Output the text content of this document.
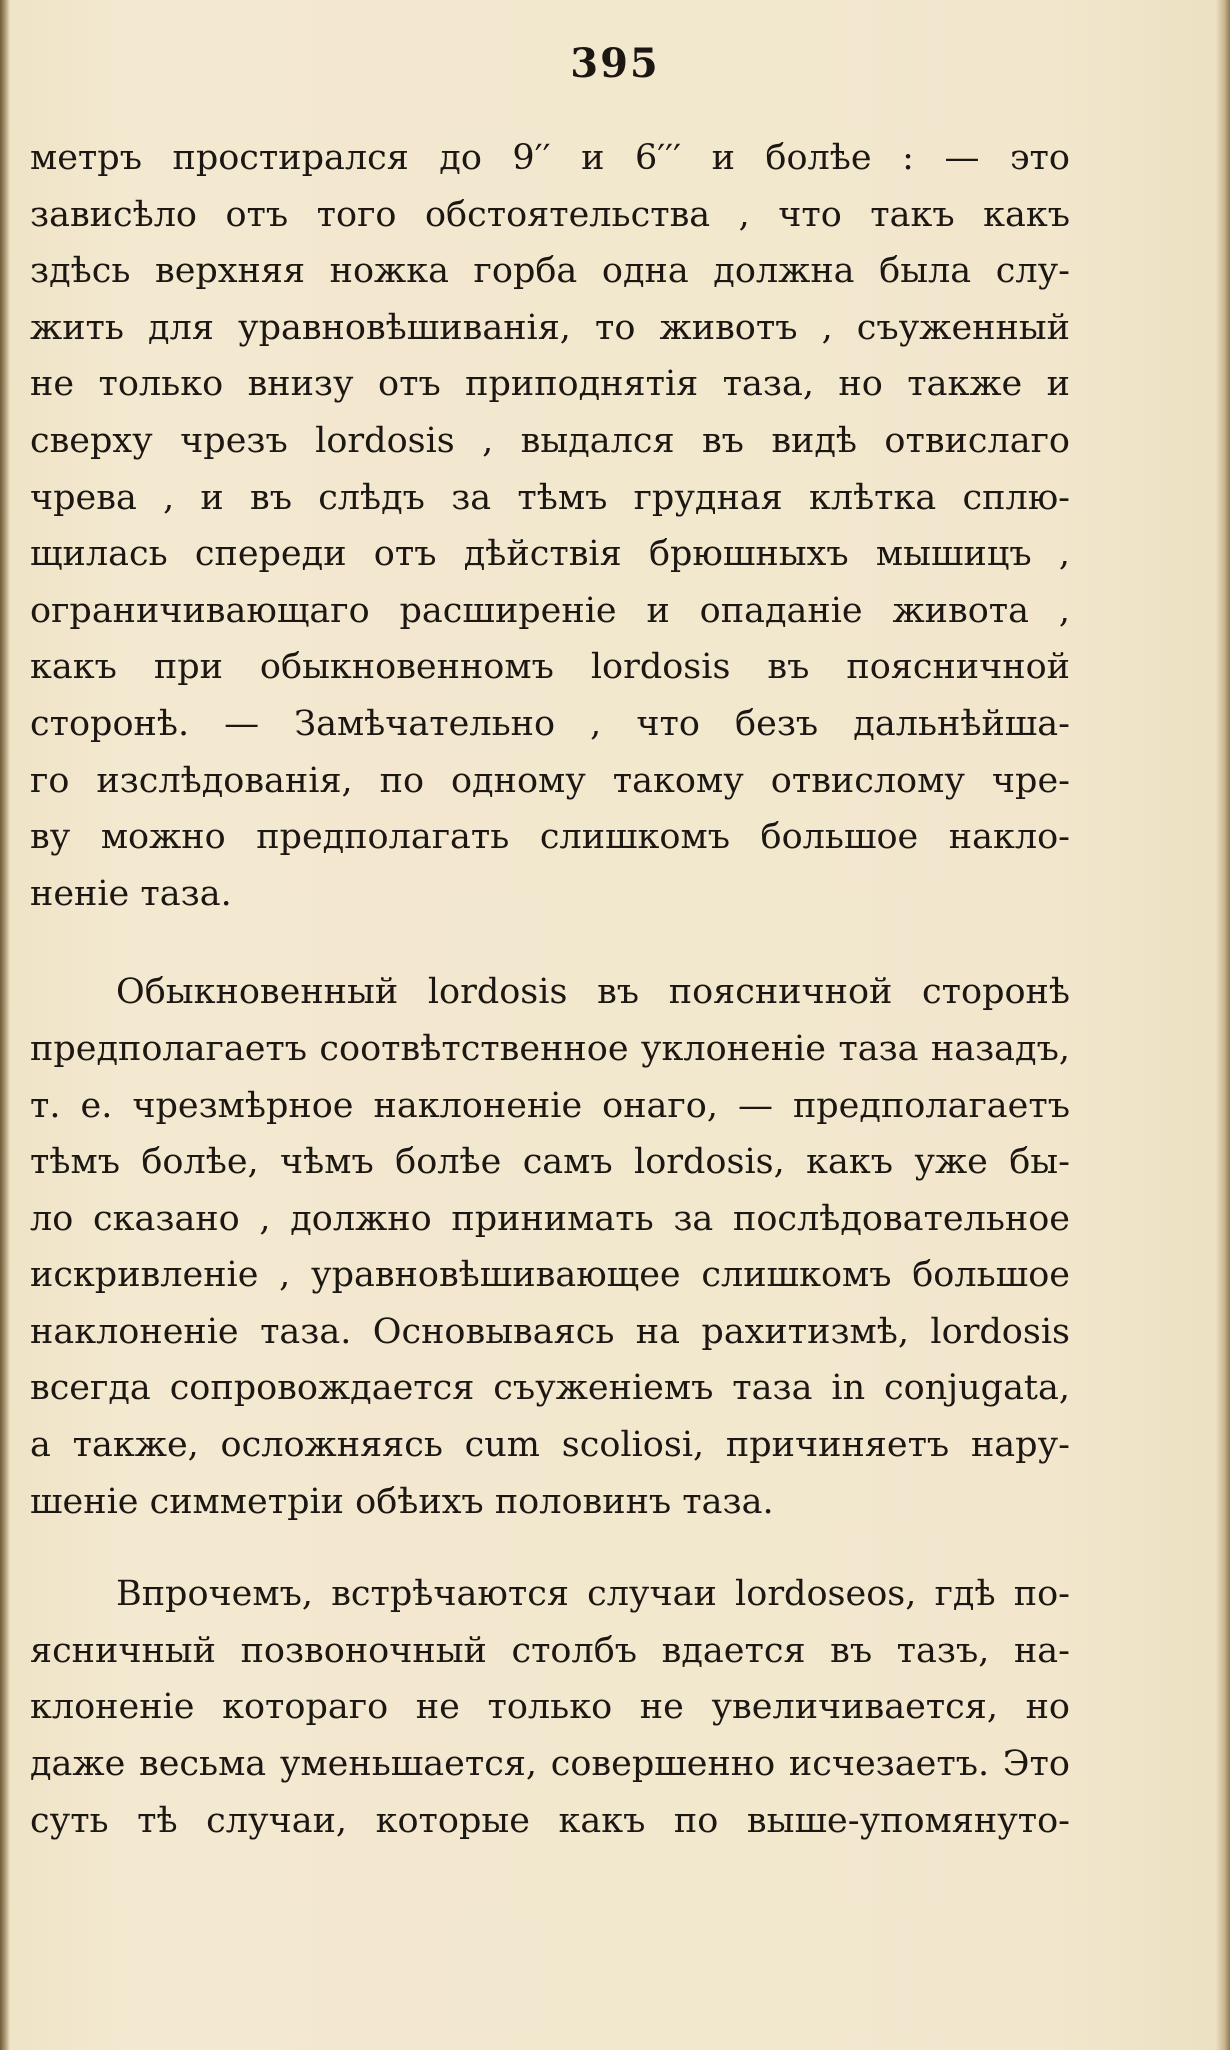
395
метръ простирался до 9′′ и 6′′′ и болѣе : — это
зависѣло отъ того обстоятельства , что такъ какъ
здѣсь верхняя ножка горба одна должна была слу-
жить для уравновѣшиванія, то животъ , съуженный
не только внизу отъ приподнятія таза, но также и
сверху чрезъ lordosis , выдался въ видѣ отвислаго
чрева , и въ слѣдъ за тѣмъ грудная клѣтка сплю-
щилась спереди отъ дѣйствія брюшныхъ мышицъ ,
ограничивающаго расширеніе и опаданіе живота ,
какъ при обыкновенномъ lordosis въ поясничной
сторонѣ. — Замѣчательно , что безъ дальнѣйша-
го изслѣдованія, по одному такому отвислому чре-
ву можно предполагать слишкомъ большое накло-
неніе таза.
Обыкновенный lordosis въ поясничной сторонѣ
предполагаетъ соотвѣтственное уклоненіе таза назадъ,
т. е. чрезмѣрное наклоненіе онаго, — предполагаетъ
тѣмъ болѣе, чѣмъ болѣе самъ lordosis, какъ уже бы-
ло сказано , должно принимать за послѣдовательное
искривленіе , уравновѣшивающее слишкомъ большое
наклоненіе таза. Основываясь на рахитизмѣ, lordosis
всегда сопровождается съуженіемъ таза in conjugata,
а также, осложняясь cum scoliosi, причиняетъ нару-
шеніе симметріи обѣихъ половинъ таза.
Впрочемъ, встрѣчаются случаи lordoseos, гдѣ по-
ясничный позвоночный столбъ вдается въ тазъ, на-
клоненіе котораго не только не увеличивается, но
даже весьма уменьшается, совершенно исчезаетъ. Это
суть тѣ случаи, которые какъ по выше-упомянуто-
